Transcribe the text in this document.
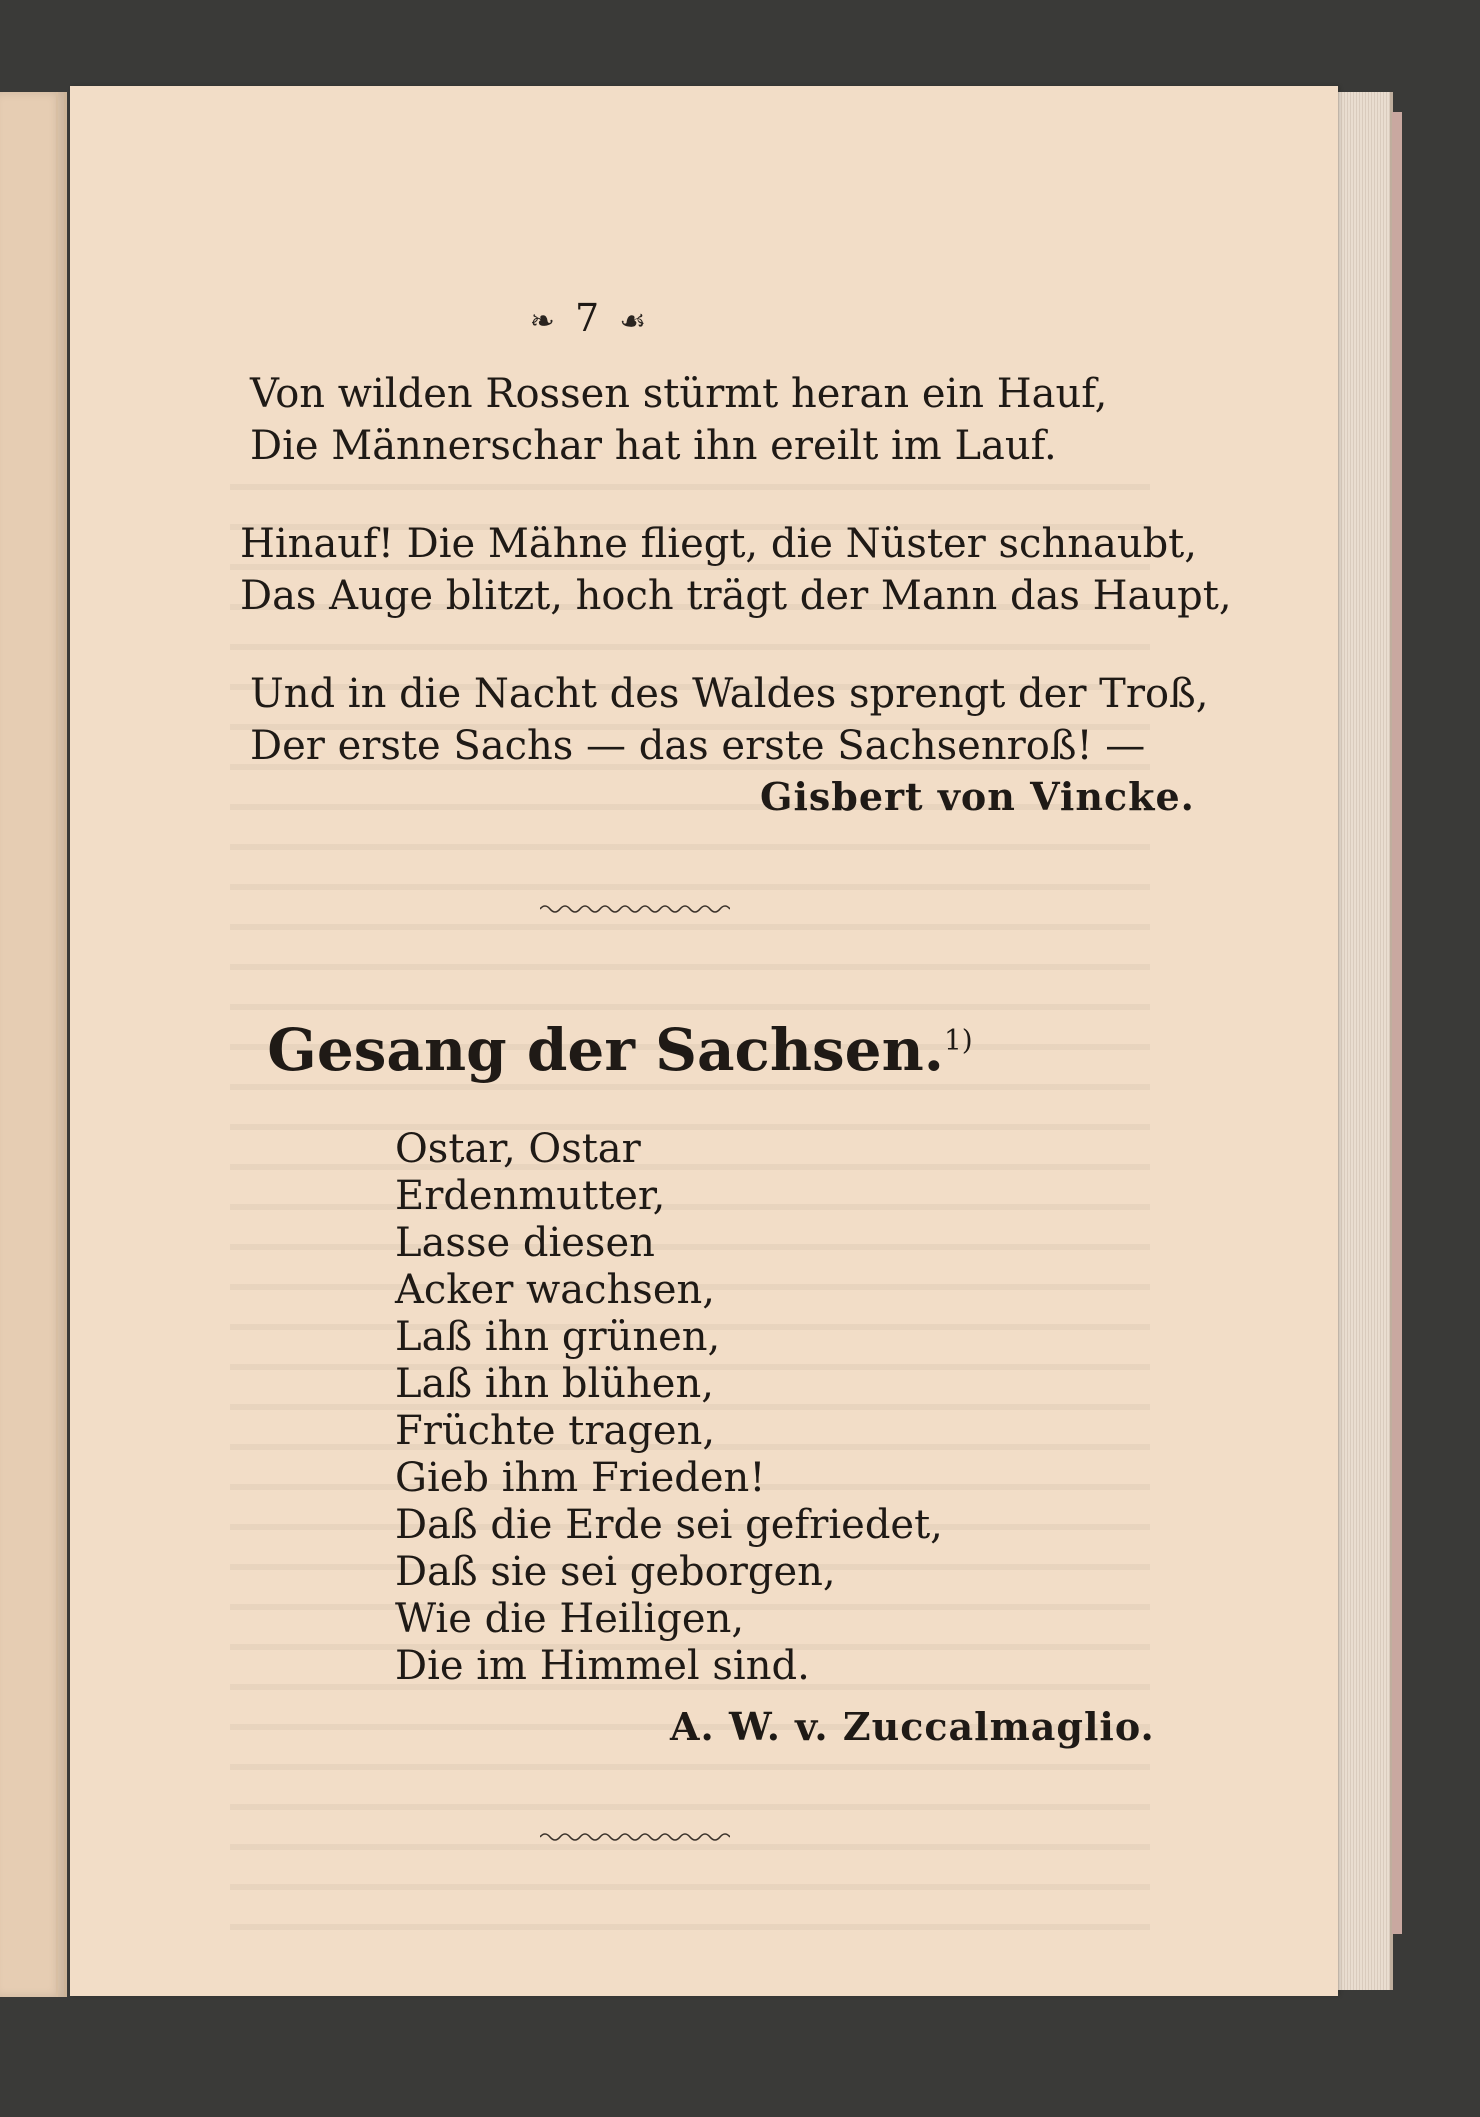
❧ 7 ☙
Von wilden Rossen stürmt heran ein Hauf,
Die Männerschar hat ihn ereilt im Lauf.
Hinauf! Die Mähne fliegt, die Nüster schnaubt,
Das Auge blitzt, hoch trägt der Mann das Haupt,
Und in die Nacht des Waldes sprengt der Troß,
Der erste Sachs — das erste Sachsenroß! —
Gisbert von Vincke.
Gesang der Sachsen.$^{1)}$
Ostar, Ostar
Erdenmutter,
Lasse diesen
Acker wachsen,
Laß ihn grünen,
Laß ihn blühen,
Früchte tragen,
Gieb ihm Frieden!
Daß die Erde sei gefriedet,
Daß sie sei geborgen,
Wie die Heiligen,
Die im Himmel sind.
A. W. v. Zuccalmaglio.
